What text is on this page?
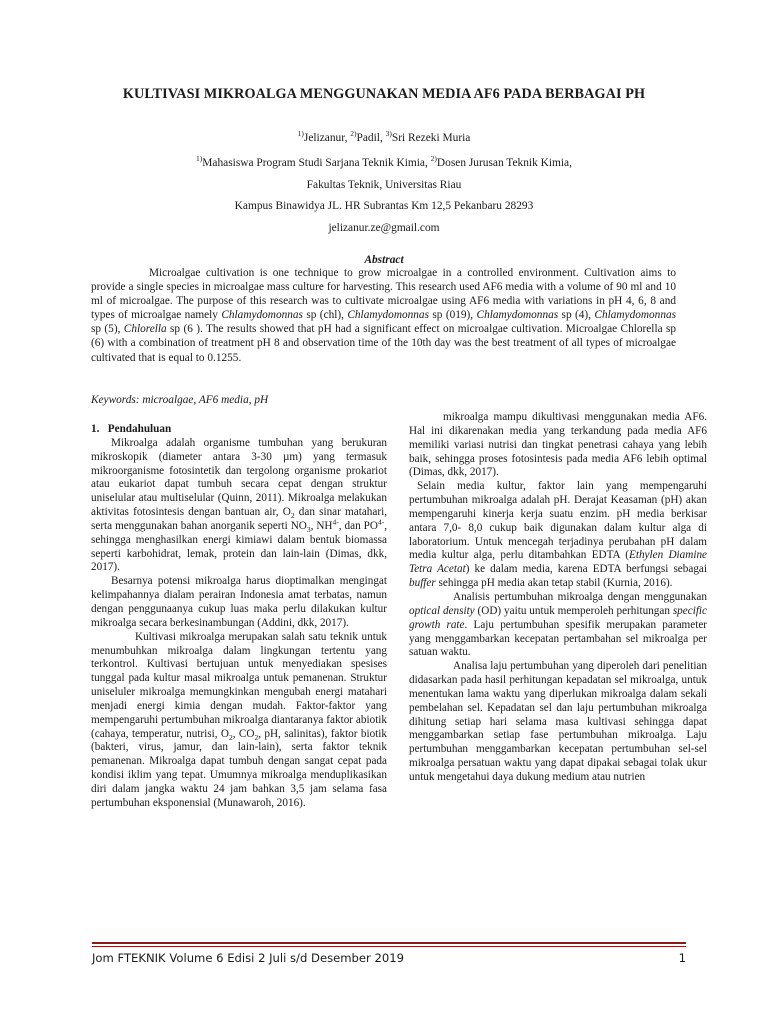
KULTIVASI MIKROALGA MENGGUNAKAN MEDIA AF6 PADA BERBAGAI PH
$^{1)}$Jelizanur, $^{2)}$Padil, $^{3)}$Sri Rezeki Muria
$^{1)}$Mahasiswa Program Studi Sarjana Teknik Kimia, $^{2)}$Dosen Jurusan Teknik Kimia,
Fakultas Teknik, Universitas Riau
Kampus Binawidya JL. HR Subrantas Km 12,5 Pekanbaru 28293
jelizanur.ze@gmail.com
Abstract

Microalgae cultivation is one technique to grow microalgae in a controlled environment. Cultivation aims to provide a single species in microalgae mass culture for harvesting. This research used AF6 media with a volume of 90 ml and 10 ml of microalgae. The purpose of this research was to cultivate microalgae using AF6 media with variations in pH 4, 6, 8 and types of microalgae namely Chlamydomonnas sp (chl), Chlamydomonnas sp (019), Chlamydomonnas sp (4), Chlamydomonnas sp (5), Chlorella sp (6 ). The results showed that pH had a significant effect on microalgae cultivation. Microalgae Chlorella sp (6) with a combination of treatment pH 8 and observation time of the 10th day was the best treatment of all types of microalgae cultivated that is equal to 0.1255.

Keywords: microalgae, AF6 media, pH

1.   Pendahuluan

Mikroalga adalah organisme tumbuhan yang berukuran mikroskopik (diameter antara 3-30 µm) yang termasuk mikroorganisme fotosintetik dan tergolong organisme prokariot atau eukariot dapat tumbuh secara cepat dengan struktur uniselular atau multiselular (Quinn, 2011). Mikroalga melakukan aktivitas fotosintesis dengan bantuan air, $O_2$ dan sinar matahari, serta menggunakan bahan anorganik seperti $NO_3$, $NH^{4-}$, dan $PO^{4-}$, sehingga menghasilkan energi kimiawi dalam bentuk biomassa seperti karbohidrat, lemak, protein dan lain-lain (Dimas, dkk, 2017).

Besarnya potensi mikroalga harus dioptimalkan mengingat kelimpahannya dialam perairan Indonesia amat terbatas, namun dengan penggunaanya cukup luas maka perlu dilakukan kultur mikroalga secara berkesinambungan (Addini, dkk, 2017).

Kultivasi mikroalga merupakan salah satu teknik untuk menumbuhkan mikroalga dalam lingkungan tertentu yang terkontrol. Kultivasi bertujuan untuk menyediakan spesises tunggal pada kultur masal mikroalga untuk pemanenan. Struktur uniseluler mikroalga memungkinkan mengubah energi matahari menjadi energi kimia dengan mudah. Faktor-faktor yang mempengaruhi pertumbuhan mikroalga diantaranya faktor abiotik (cahaya, temperatur, nutrisi, $O_2$, $CO_2$, pH, salinitas), faktor biotik (bakteri, virus, jamur, dan lain-lain), serta faktor teknik pemanenan. Mikroalga dapat tumbuh dengan sangat cepat pada kondisi iklim yang tepat. Umumnya mikroalga menduplikasikan diri dalam jangka waktu 24 jam bahkan 3,5 jam selama fasa pertumbuhan eksponensial (Munawaroh, 2016).

mikroalga mampu dikultivasi menggunakan media AF6. Hal ini dikarenakan media yang terkandung pada media AF6 memiliki variasi nutrisi dan tingkat penetrasi cahaya yang lebih baik, sehingga proses fotosintesis pada media AF6 lebih optimal (Dimas, dkk, 2017).

Selain media kultur, faktor lain yang mempengaruhi pertumbuhan mikroalga adalah pH. Derajat Keasaman (pH) akan mempengaruhi kinerja kerja suatu enzim. pH media berkisar antara 7,0- 8,0 cukup baik digunakan dalam kultur alga di laboratorium. Untuk mencegah terjadinya perubahan pH dalam media kultur alga, perlu ditambahkan EDTA (Ethylen Diamine Tetra Acetat) ke dalam media, karena EDTA berfungsi sebagai buffer sehingga pH media akan tetap stabil (Kurnia, 2016).

Analisis pertumbuhan mikroalga dengan menggunakan optical density (OD) yaitu untuk memperoleh perhitungan specific growth rate. Laju pertumbuhan spesifik merupakan parameter yang menggambarkan kecepatan pertambahan sel mikroalga per satuan waktu.

Analisa laju pertumbuhan yang diperoleh dari penelitian didasarkan pada hasil perhitungan kepadatan sel mikroalga, untuk menentukan lama waktu yang diperlukan mikroalga dalam sekali pembelahan sel. Kepadatan sel dan laju pertumbuhan mikroalga dihitung setiap hari selama masa kultivasi sehingga dapat menggambarkan setiap fase pertumbuhan mikroalga. Laju pertumbuhan menggambarkan kecepatan pertumbuhan sel-sel mikroalga persatuan waktu yang dapat dipakai sebagai tolak ukur untuk mengetahui daya dukung medium atau nutrien

Jom FTEKNIK Volume 6 Edisi 2 Juli s/d Desember 2019	1
